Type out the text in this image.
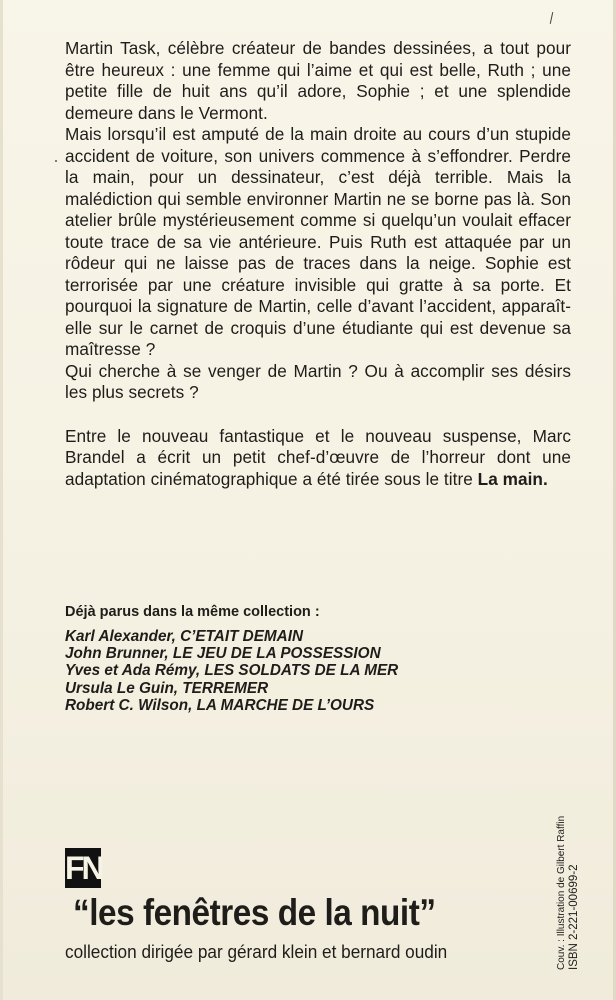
Martin Task, célèbre créateur de bandes dessinées, a tout pour être heureux : une femme qui l’aime et qui est belle, Ruth ; une petite fille de huit ans qu’il adore, Sophie ; et une splendide demeure dans le Vermont.

Mais lorsqu’il est amputé de la main droite au cours d’un stupide accident de voiture, son univers commence à s’effondrer. Perdre la main, pour un dessinateur, c’est déjà terrible. Mais la malédiction qui semble environner Martin ne se borne pas là. Son atelier brûle mystérieusement comme si quelqu’un voulait effacer toute trace de sa vie antérieure. Puis Ruth est attaquée par un rôdeur qui ne laisse pas de traces dans la neige. Sophie est terrorisée par une créature invisible qui gratte à sa porte. Et pourquoi la signature de Martin, celle d’avant l’accident, apparaît-elle sur le carnet de croquis d’une étudiante qui est devenue sa maîtresse ?

Qui cherche à se venger de Martin ? Ou à accomplir ses désirs les plus secrets ?

Entre le nouveau fantastique et le nouveau suspense, Marc Brandel a écrit un petit chef-d’œuvre de l’horreur dont une adaptation cinématographique a été tirée sous le titre La main.

Déjà parus dans la même collection :

Karl Alexander, C’ETAIT DEMAIN
John Brunner, LE JEU DE LA POSSESSION
Yves et Ada Rémy, LES SOLDATS DE LA MER
Ursula Le Guin, TERREMER
Robert C. Wilson, LA MARCHE DE L’OURS
Couv. : Illustration de Gilbert Raffin ISBN 2-221-00699-2
FN
“les fenêtres de la nuit”
collection dirigée par gérard klein et bernard oudin
